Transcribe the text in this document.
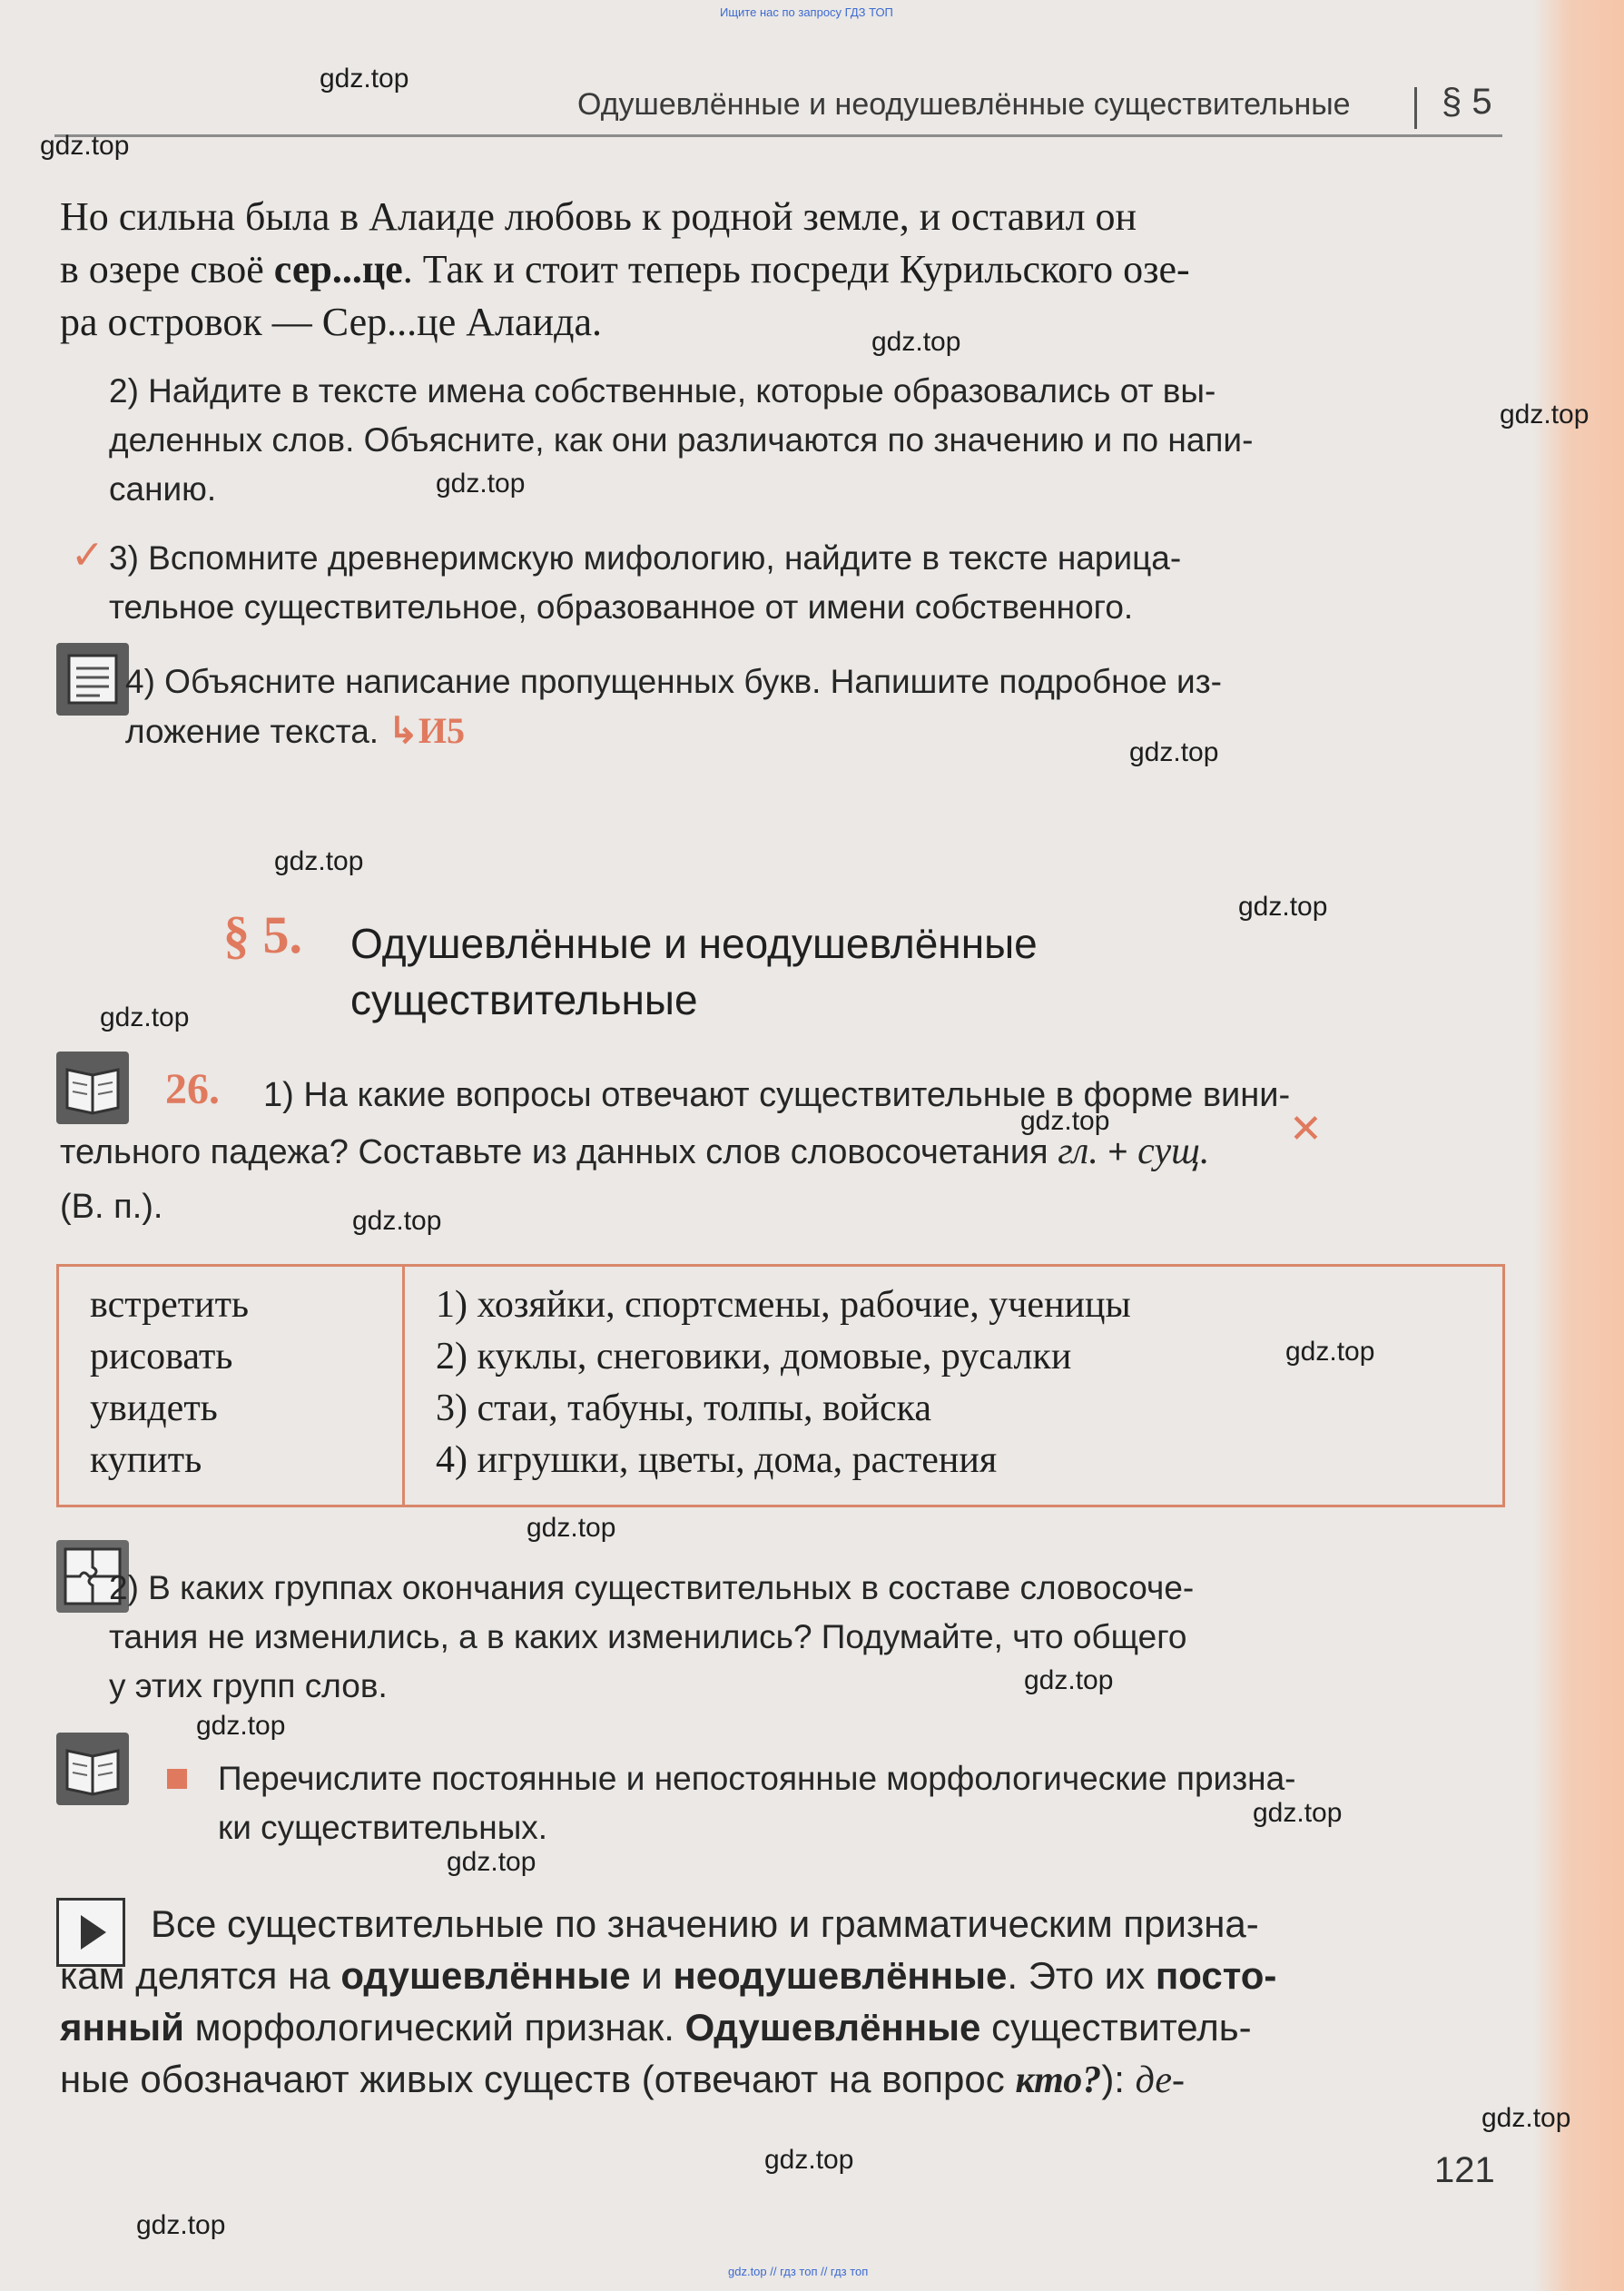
Ищите нас по запросу ГДЗ ТОП
Одушевлённые и неодушевлённые существительные	§ 5
gdz.top
gdz.top
gdz.top
gdz.top
gdz.top
gdz.top
gdz.top
gdz.top
gdz.top
gdz.top
gdz.top
gdz.top
gdz.top
gdz.top
gdz.top
gdz.top
gdz.top
gdz.top
gdz.top
gdz.top
Но сильна была в Алаиде любовь к родной земле, и оставил он
в озере своё сер...це. Так и стоит теперь посреди Курильского озе-
ра островок — Сер...це Алаида.
2) Найдите в тексте имена собственные, которые образовались от вы-
деленных слов. Объясните, как они различаются по значению и по напи-
санию.
✓ 3) Вспомните древнеримскую мифологию, найдите в тексте нарица-
тельное существительное, образованное от имени собственного.
4) Объясните написание пропущенных букв. Напишите подробное из-
ложение текста. ↳И5
§ 5. Одушевлённые и неодушевлённые
существительные
26.
✕
1) На какие вопросы отвечают существительные в форме вини-
тельного падежа? Составьте из данных слов словосочетания гл. + сущ.
(В. п.).
встретить
рисовать
увидеть
купить

1) хозяйки, спортсмены, рабочие, ученицы
2) куклы, снеговики, домовые, русалки
3) стаи, табуны, толпы, войска
4) игрушки, цветы, дома, растения
2) В каких группах окончания существительных в составе словосоче-
тания не изменились, а в каких изменились? Подумайте, что общего
у этих групп слов.
Перечислите постоянные и непостоянные морфологические призна-
ки существительных.
Все существительные по значению и грамматическим призна-
кам делятся на одушевлённые и неодушевлённые. Это их посто-
янный морфологический признак. Одушевлённые существитель-
ные обозначают живых существ (отвечают на вопрос кто?): де-
121
gdz.top // гдз топ // гдз топ
